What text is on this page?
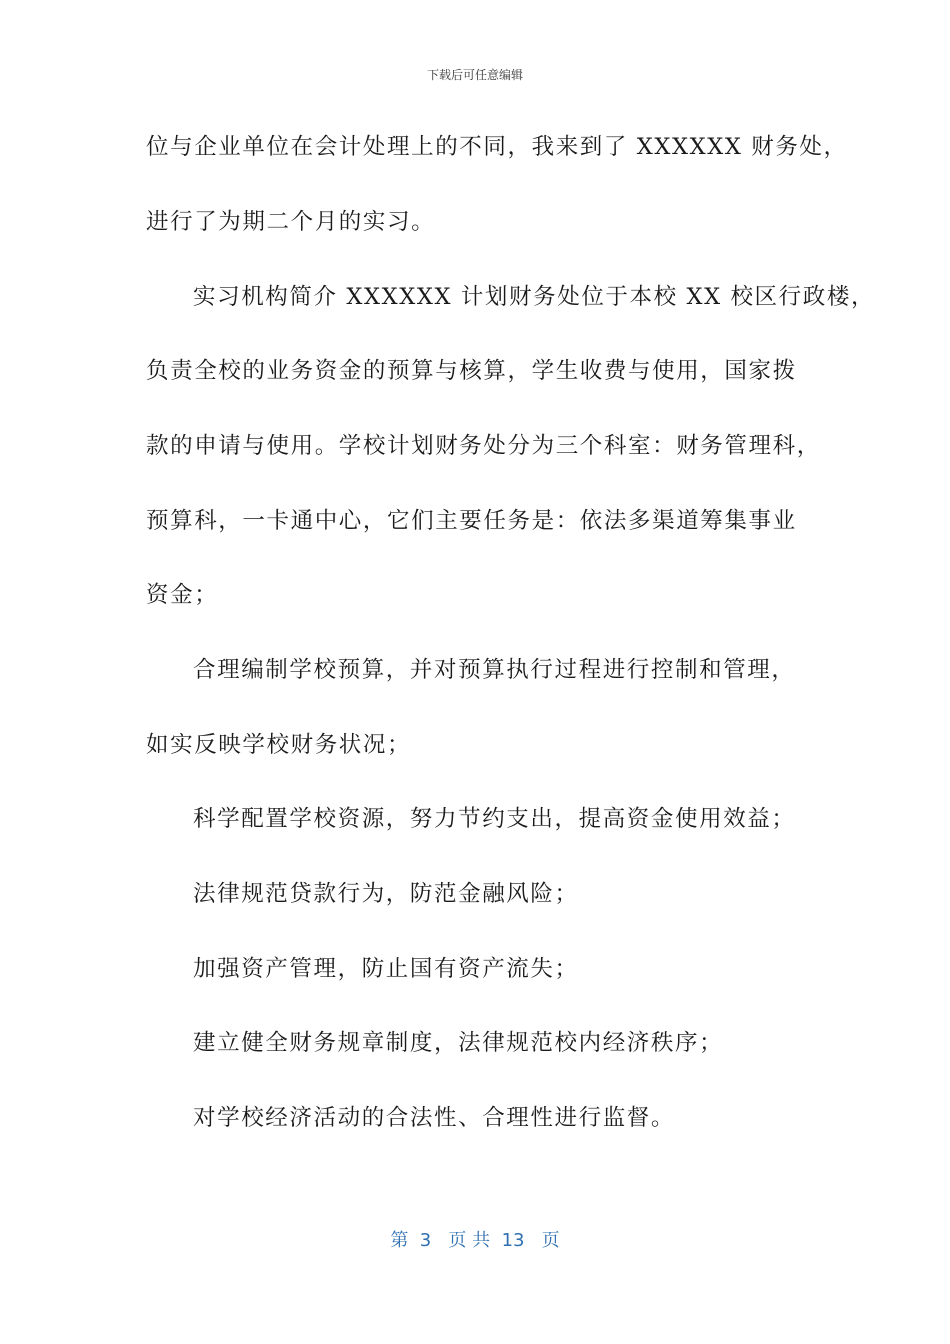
下载后可任意编辑
位与企业单位在会计处理上的不同，我来到了 XXXXXX 财务处，
进行了为期二个月的实习。
实习机构简介 XXXXXX 计划财务处位于本校 XX 校区行政楼，
负责全校的业务资金的预算与核算，学生收费与使用，国家拨
款的申请与使用。学校计划财务处分为三个科室：财务管理科，
预算科，一卡通中心，它们主要任务是：依法多渠道筹集事业
资金；
合理编制学校预算，并对预算执行过程进行控制和管理，
如实反映学校财务状况；
科学配置学校资源，努力节约支出，提高资金使用效益；
法律规范贷款行为，防范金融风险；
加强资产管理，防止国有资产流失；
建立健全财务规章制度，法律规范校内经济秩序；
对学校经济活动的合法性、合理性进行监督。
第 3 页 共 13 页
